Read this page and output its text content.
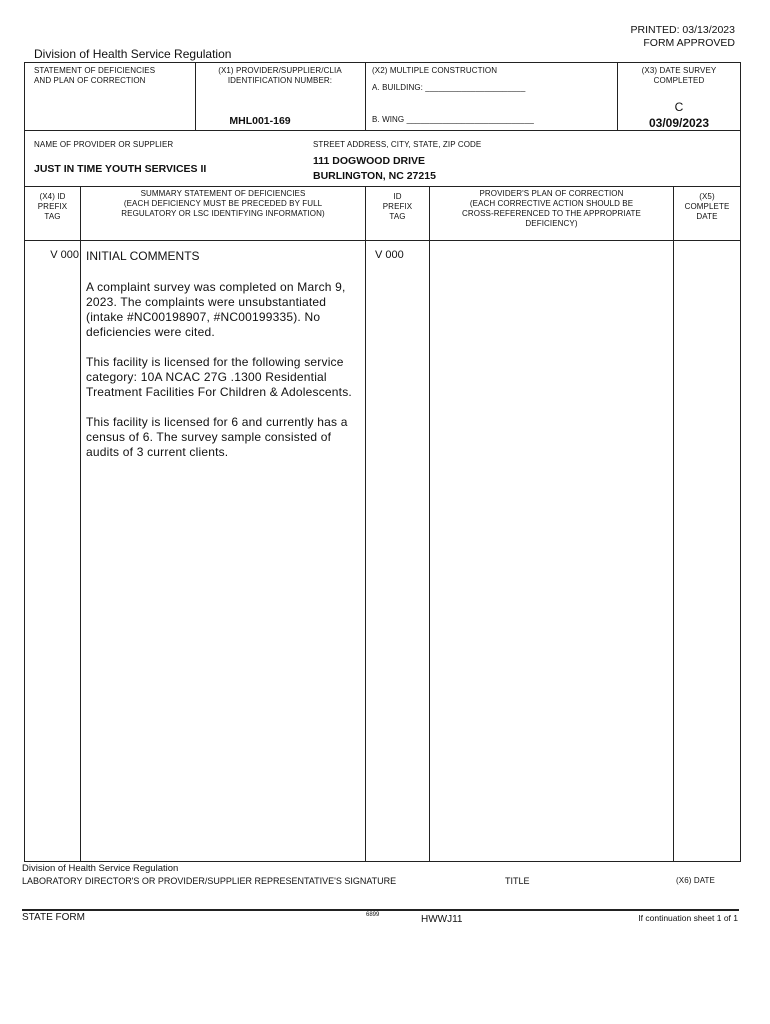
PRINTED: 03/13/2023
FORM APPROVED
Division of Health Service Regulation
STATEMENT OF DEFICIENCIES
AND PLAN OF CORRECTION
(X1) PROVIDER/SUPPLIER/CLIA
IDENTIFICATION NUMBER:
MHL001-169
(X2) MULTIPLE CONSTRUCTION
A. BUILDING: ______________________
B. WING ____________________________
(X3) DATE SURVEY
COMPLETED
C
03/09/2023
NAME OF PROVIDER OR SUPPLIER
JUST IN TIME YOUTH SERVICES II
STREET ADDRESS, CITY, STATE, ZIP CODE
111 DOGWOOD DRIVE
BURLINGTON, NC 27215
(X4) ID
PREFIX
TAG
SUMMARY STATEMENT OF DEFICIENCIES
(EACH DEFICIENCY MUST BE PRECEDED BY FULL
REGULATORY OR LSC IDENTIFYING INFORMATION)
ID
PREFIX
TAG
PROVIDER'S PLAN OF CORRECTION
(EACH CORRECTIVE ACTION SHOULD BE
CROSS-REFERENCED TO THE APPROPRIATE
DEFICIENCY)
(X5)
COMPLETE
DATE
V 000 INITIAL COMMENTS	V 000

A complaint survey was completed on March 9,
2023. The complaints were unsubstantiated
(intake #NC00198907, #NC00199335). No
deficiencies were cited.

This facility is licensed for the following service
category: 10A NCAC 27G .1300 Residential
Treatment Facilities For Children & Adolescents.

This facility is licensed for 6 and currently has a
census of 6. The survey sample consisted of
audits of 3 current clients.

Division of Health Service Regulation
LABORATORY DIRECTOR'S OR PROVIDER/SUPPLIER REPRESENTATIVE'S SIGNATURE	TITLE	(X6) DATE
STATE FORM	6899	HWWJ11	If continuation sheet 1 of 1
